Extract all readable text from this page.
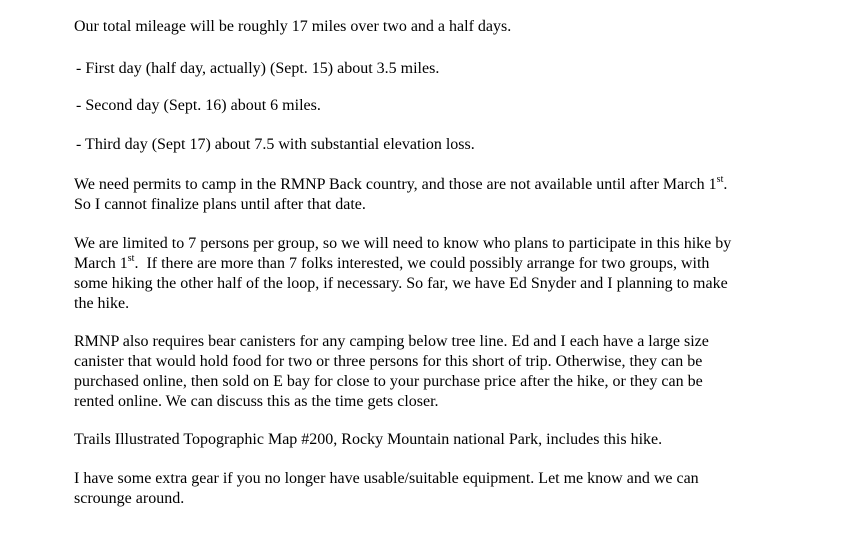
Our total mileage will be roughly 17 miles over two and a half days.
- First day (half day, actually) (Sept. 15) about 3.5 miles.
- Second day (Sept. 16) about 6 miles.
- Third day (Sept 17) about 7.5 with substantial elevation loss.
We need permits to camp in the RMNP Back country, and those are not available until after March 1st.
So I cannot finalize plans until after that date.
We are limited to 7 persons per group, so we will need to know who plans to participate in this hike by
March 1st.  If there are more than 7 folks interested, we could possibly arrange for two groups, with
some hiking the other half of the loop, if necessary. So far, we have Ed Snyder and I planning to make
the hike.
RMNP also requires bear canisters for any camping below tree line. Ed and I each have a large size
canister that would hold food for two or three persons for this short of trip. Otherwise, they can be
purchased online, then sold on E bay for close to your purchase price after the hike, or they can be
rented online. We can discuss this as the time gets closer.
Trails Illustrated Topographic Map #200, Rocky Mountain national Park, includes this hike.
I have some extra gear if you no longer have usable/suitable equipment. Let me know and we can
scrounge around.
